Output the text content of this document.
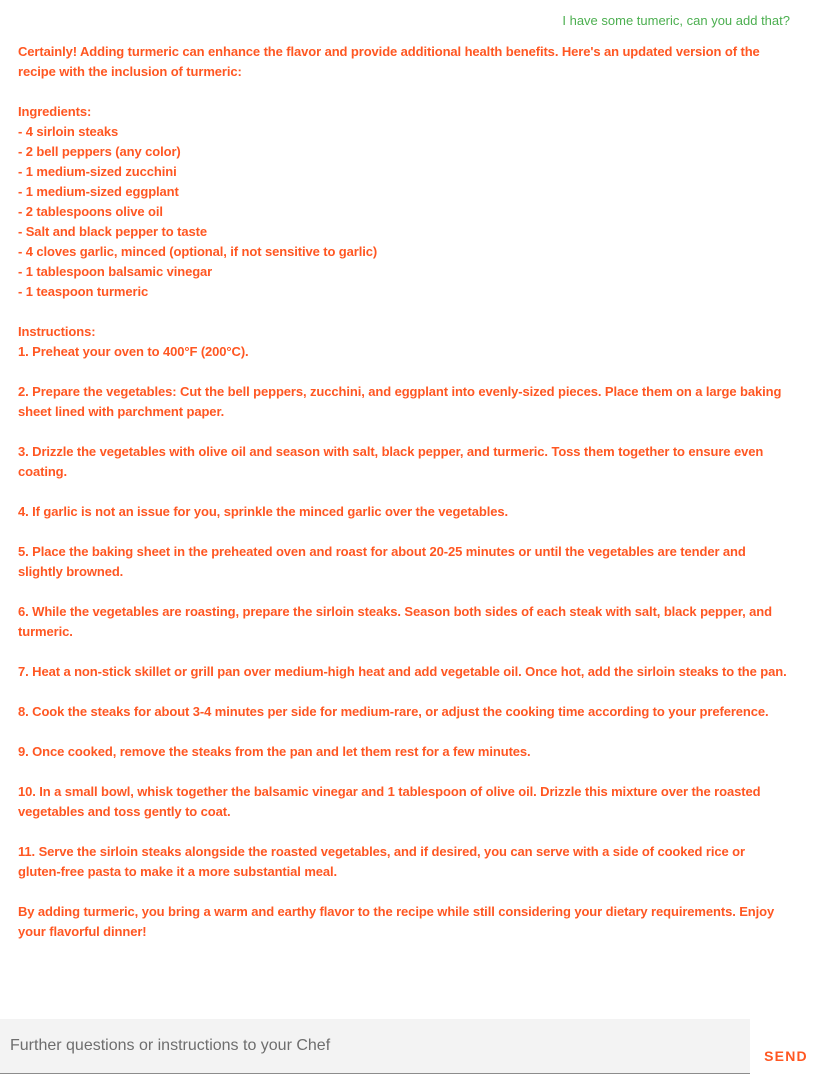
I have some tumeric, can you add that?
Certainly! Adding turmeric can enhance the flavor and provide additional health benefits. Here's an updated version of the recipe with the inclusion of turmeric:
Ingredients:
- 4 sirloin steaks
- 2 bell peppers (any color)
- 1 medium-sized zucchini
- 1 medium-sized eggplant
- 2 tablespoons olive oil
- Salt and black pepper to taste
- 4 cloves garlic, minced (optional, if not sensitive to garlic)
- 1 tablespoon balsamic vinegar
- 1 teaspoon turmeric
Instructions:
1. Preheat your oven to 400°F (200°C).
2. Prepare the vegetables: Cut the bell peppers, zucchini, and eggplant into evenly-sized pieces. Place them on a large baking sheet lined with parchment paper.
3. Drizzle the vegetables with olive oil and season with salt, black pepper, and turmeric. Toss them together to ensure even coating.
4. If garlic is not an issue for you, sprinkle the minced garlic over the vegetables.
5. Place the baking sheet in the preheated oven and roast for about 20-25 minutes or until the vegetables are tender and slightly browned.
6. While the vegetables are roasting, prepare the sirloin steaks. Season both sides of each steak with salt, black pepper, and turmeric.
7. Heat a non-stick skillet or grill pan over medium-high heat and add vegetable oil. Once hot, add the sirloin steaks to the pan.
8. Cook the steaks for about 3-4 minutes per side for medium-rare, or adjust the cooking time according to your preference.
9. Once cooked, remove the steaks from the pan and let them rest for a few minutes.
10. In a small bowl, whisk together the balsamic vinegar and 1 tablespoon of olive oil. Drizzle this mixture over the roasted vegetables and toss gently to coat.
11. Serve the sirloin steaks alongside the roasted vegetables, and if desired, you can serve with a side of cooked rice or gluten-free pasta to make it a more substantial meal.
By adding turmeric, you bring a warm and earthy flavor to the recipe while still considering your dietary requirements. Enjoy your flavorful dinner!
Further questions or instructions to your Chef
SEND
